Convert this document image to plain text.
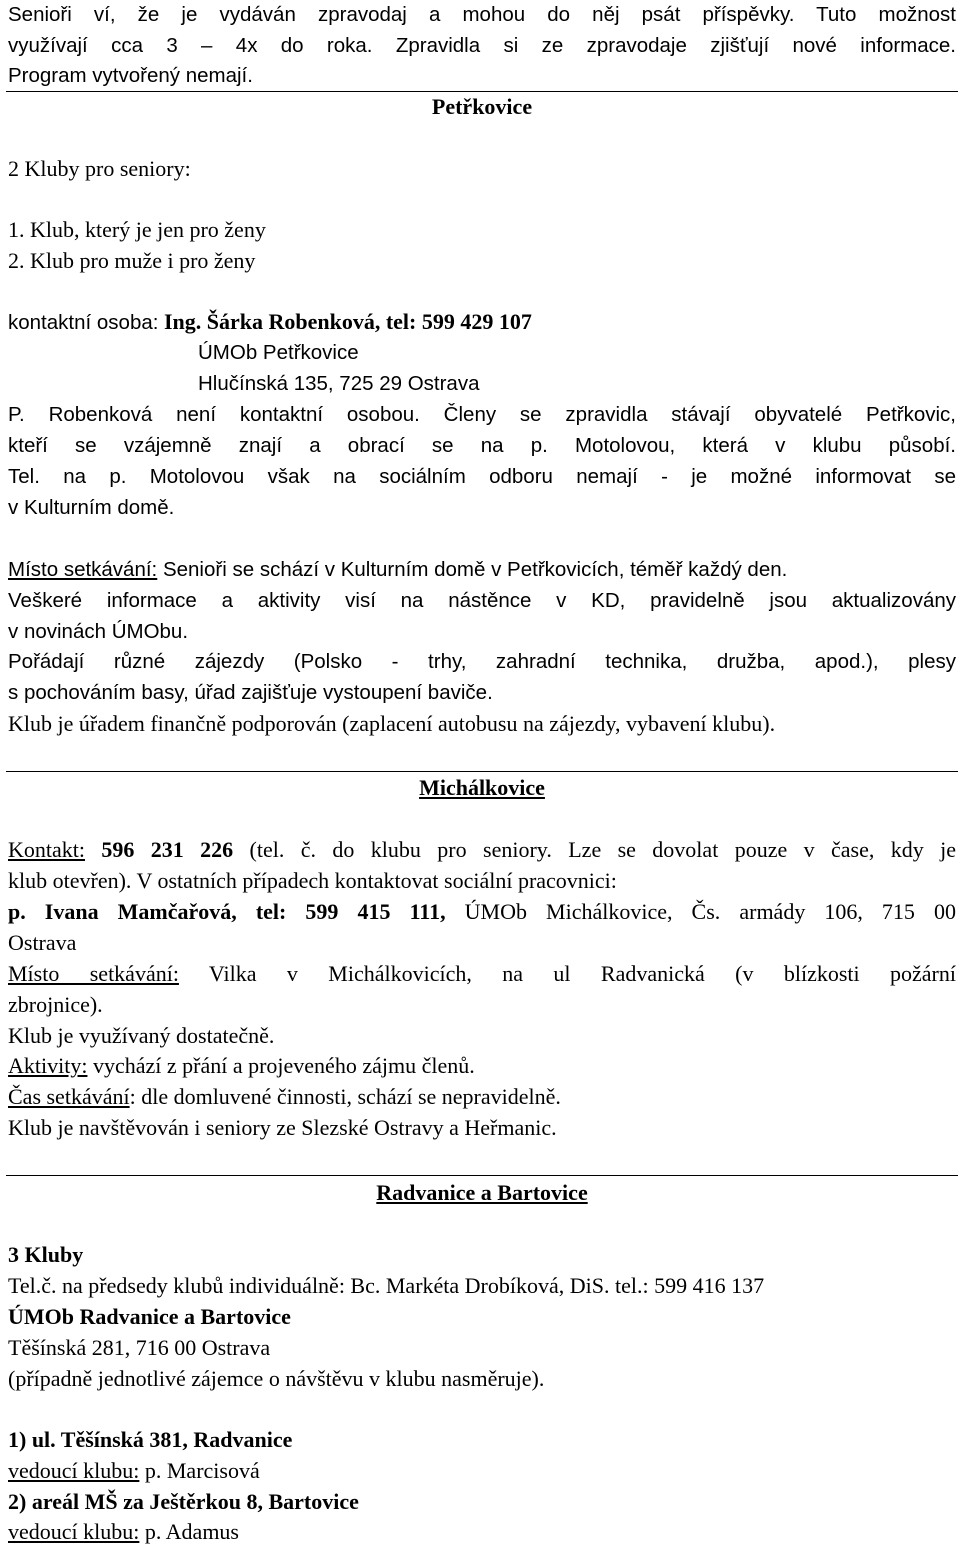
Senioři ví, že je vydáván zpravodaj a mohou do něj psát příspěvky. Tuto možnost
využívají cca 3 – 4x do roka. Zpravidla si ze zpravodaje zjišťují nové informace.
Program vytvořený nemají.
Petřkovice
2 Kluby pro seniory:
1. Klub, který je jen pro ženy
2. Klub pro muže i pro ženy
kontaktní osoba: Ing. Šárka Robenková, tel: 599 429 107
ÚMOb Petřkovice
Hlučínská 135, 725 29 Ostrava
P. Robenková není kontaktní osobou. Členy se zpravidla stávají obyvatelé Petřkovic,
kteří se vzájemně znají a obrací se na p. Motolovou, která v klubu působí.
Tel. na p. Motolovou však na sociálním odboru nemají - je možné informovat se
v Kulturním domě.
Místo setkávání: Senioři se schází v Kulturním domě v Petřkovicích, téměř každý den.
Veškeré informace a aktivity visí na nástěnce v KD, pravidelně jsou aktualizovány
v novinách ÚMObu.
Pořádají různé zájezdy (Polsko - trhy, zahradní technika, družba, apod.), plesy
s pochováním basy, úřad zajišťuje vystoupení baviče.
Klub je úřadem finančně podporován (zaplacení autobusu na zájezdy, vybavení klubu).
Michálkovice
Kontakt: 596 231 226 (tel. č. do klubu pro seniory. Lze se dovolat pouze v čase, kdy je
klub otevřen). V ostatních případech kontaktovat sociální pracovnici:
p. Ivana Mamčařová, tel: 599 415 111, ÚMOb Michálkovice, Čs. armády 106, 715 00
Ostrava
Místo setkávání: Vilka v Michálkovicích, na ul Radvanická (v blízkosti požární
zbrojnice).
Klub je využívaný dostatečně.
Aktivity: vychází z přání a projeveného zájmu členů.
Čas setkávání: dle domluvené činnosti, schází se nepravidelně.
Klub je navštěvován i seniory ze Slezské Ostravy a Heřmanic.
Radvanice a Bartovice
3 Kluby
Tel.č. na předsedy klubů individuálně: Bc. Markéta Drobíková, DiS. tel.: 599 416 137
ÚMOb Radvanice a Bartovice
Těšínská 281, 716 00 Ostrava
(případně jednotlivé zájemce o návštěvu v klubu nasměruje).
1) ul. Těšínská 381, Radvanice
vedoucí klubu: p. Marcisová
2) areál MŠ za Ještěrkou 8, Bartovice
vedoucí klubu: p. Adamus
